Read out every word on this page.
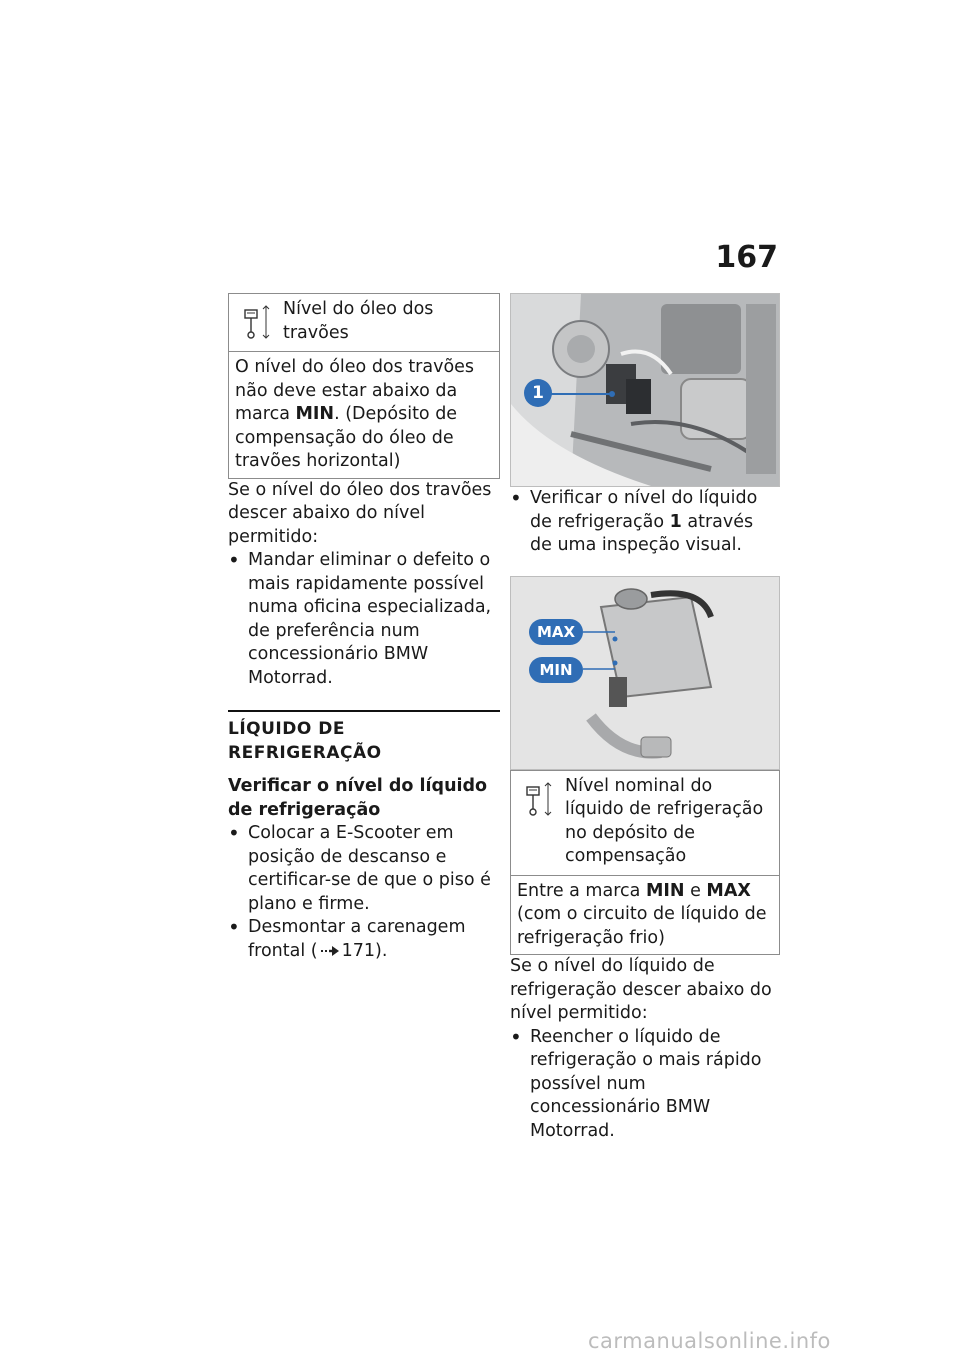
167
Nível do óleo dos travões

O nível do óleo dos travões não deve estar abaixo da marca MIN. (Depósito de compensação do óleo de travões horizontal)

Se o nível do óleo dos travões descer abaixo do nível permitido:

• Mandar eliminar o defeito o mais rapidamente possível numa oficina especializada, de preferência num concessionário BMW Motorrad.
LÍQUIDO DE REFRIGERAÇÃO
Verificar o nível do líquido de refrigeração
• Colocar a E-Scooter em posição de descanso e certificar-se de que o piso é plano e firme.
• Desmontar a carenagem frontal ( 171).
1
• Verificar o nível do líquido de refrigeração 1 através de uma inspeção visual.
MAX
MIN
Nível nominal do líquido de refrigeração no depósito de compensação

Entre a marca MIN e MAX (com o circuito de líquido de refrigeração frio)

Se o nível do líquido de refrigeração descer abaixo do nível permitido:

• Reencher o líquido de refrigeração o mais rápido possível num concessionário BMW Motorrad.
carmanualsonline.info
